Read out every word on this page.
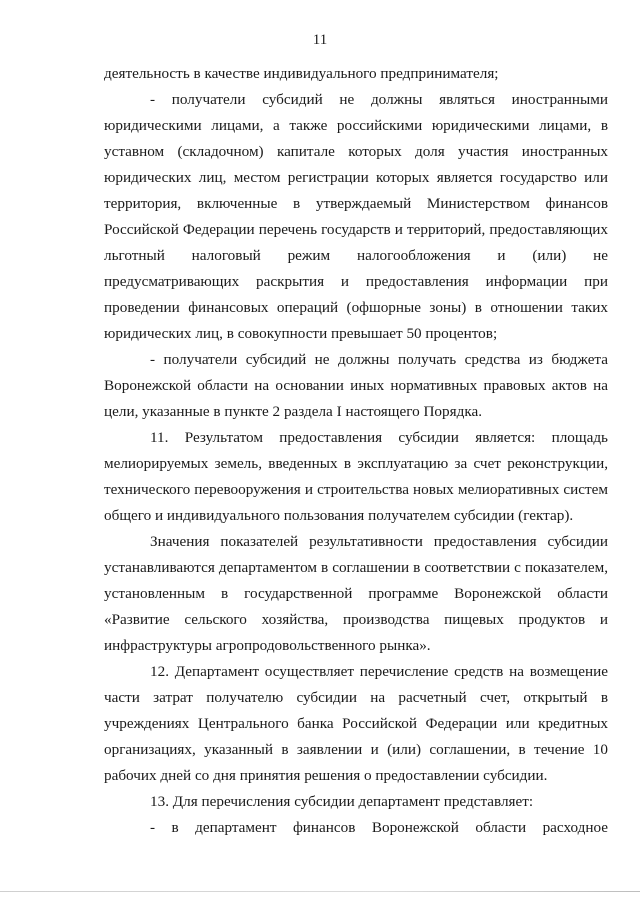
11

деятельность в качестве индивидуального предпринимателя;

- получатели субсидий не должны являться иностранными юридическими лицами, а также российскими юридическими лицами, в уставном (складочном) капитале которых доля участия иностранных юридических лиц, местом регистрации которых является государство или территория, включенные в утверждаемый Министерством финансов Российской Федерации перечень государств и территорий, предоставляющих льготный налоговый режим налогообложения и (или) не предусматривающих раскрытия и предоставления информации при проведении финансовых операций (офшорные зоны) в отношении таких юридических лиц, в совокупности превышает 50 процентов;

- получатели субсидий не должны получать средства из бюджета Воронежской области на основании иных нормативных правовых актов на цели, указанные в пункте 2 раздела I настоящего Порядка.

11. Результатом предоставления субсидии является: площадь мелиорируемых земель, введенных в эксплуатацию за счет реконструкции, технического перевооружения и строительства новых мелиоративных систем общего и индивидуального пользования получателем субсидии (гектар).

Значения показателей результативности предоставления субсидии устанавливаются департаментом в соглашении в соответствии с показателем, установленным в государственной программе Воронежской области «Развитие сельского хозяйства, производства пищевых продуктов и инфраструктуры агропродовольственного рынка».

12. Департамент осуществляет перечисление средств на возмещение части затрат получателю субсидии на расчетный счет, открытый в учреждениях Центрального банка Российской Федерации или кредитных организациях, указанный в заявлении и (или) соглашении, в течение 10 рабочих дней со дня принятия решения о предоставлении субсидии.

13. Для перечисления субсидии департамент представляет:

- в департамент финансов Воронежской области расходное
